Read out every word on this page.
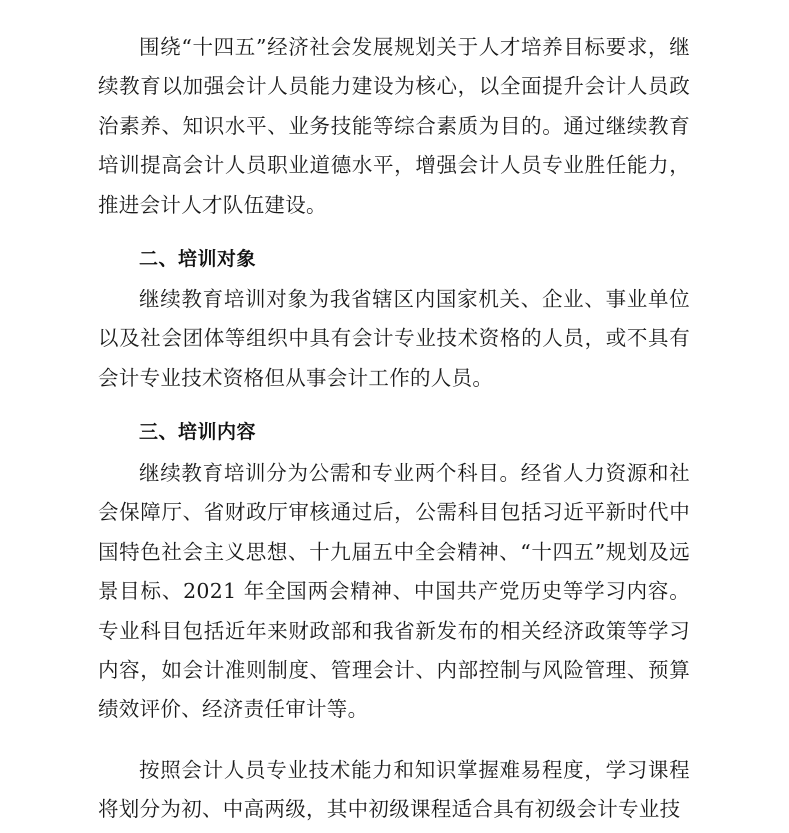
围绕“十四五”经济社会发展规划关于人才培养目标要求，继续教育以加强会计人员能力建设为核心，以全面提升会计人员政治素养、知识水平、业务技能等综合素质为目的。通过继续教育培训提高会计人员职业道德水平，增强会计人员专业胜任能力，推进会计人才队伍建设。

二、培训对象

继续教育培训对象为我省辖区内国家机关、企业、事业单位以及社会团体等组织中具有会计专业技术资格的人员，或不具有会计专业技术资格但从事会计工作的人员。

三、培训内容

继续教育培训分为公需和专业两个科目。经省人力资源和社会保障厅、省财政厅审核通过后，公需科目包括习近平新时代中国特色社会主义思想、十九届五中全会精神、“十四五”规划及远景目标、2021 年全国两会精神、中国共产党历史等学习内容。专业科目包括近年来财政部和我省新发布的相关经济政策等学习内容，如会计准则制度、管理会计、内部控制与风险管理、预算绩效评价、经济责任审计等。

按照会计人员专业技术能力和知识掌握难易程度，学习课程将划分为初、中高两级，其中初级课程适合具有初级会计专业技
